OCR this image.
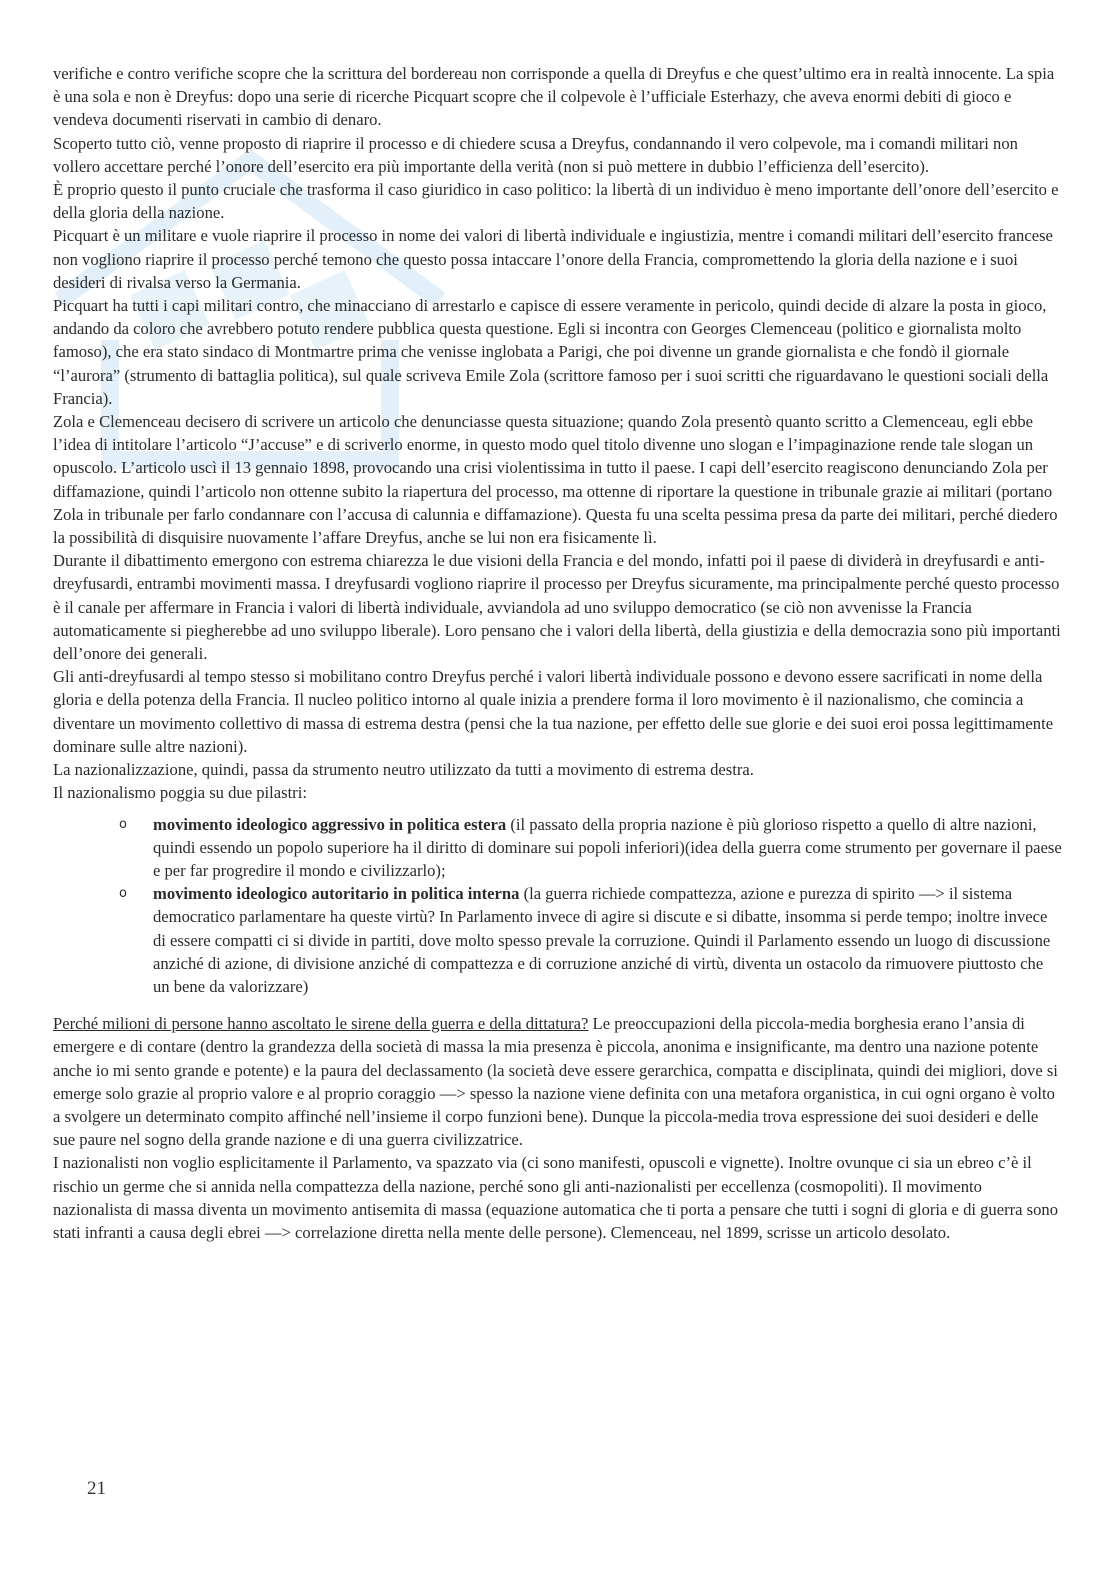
verifiche e contro verifiche scopre che la scrittura del bordereau non corrisponde a quella di Dreyfus e che quest’ultimo era in realtà innocente. La spia è una sola e non è Dreyfus: dopo una serie di ricerche Picquart scopre che il colpevole è l’ufficiale Esterhazy, che aveva enormi debiti di gioco e vendeva documenti riservati in cambio di denaro.

Scoperto tutto ciò, venne proposto di riaprire il processo e di chiedere scusa a Dreyfus, condannando il vero colpevole, ma i comandi militari non vollero accettare perché l’onore dell’esercito era più importante della verità (non si può mettere in dubbio l’efficienza dell’esercito).

È proprio questo il punto cruciale che trasforma il caso giuridico in caso politico: la libertà di un individuo è meno importante dell’onore dell’esercito e della gloria della nazione.

Picquart è un militare e vuole riaprire il processo in nome dei valori di libertà individuale e ingiustizia, mentre i comandi militari dell’esercito francese non vogliono riaprire il processo perché temono che questo possa intaccare l’onore della Francia, compromettendo la gloria della nazione e i suoi desideri di rivalsa verso la Germania.

Picquart ha tutti i capi militari contro, che minacciano di arrestarlo e capisce di essere veramente in pericolo, quindi decide di alzare la posta in gioco, andando da coloro che avrebbero potuto rendere pubblica questa questione. Egli si incontra con Georges Clemenceau (politico e giornalista molto famoso), che era stato sindaco di Montmartre prima che venisse inglobata a Parigi, che poi divenne un grande giornalista e che fondò il giornale “l’aurora” (strumento di battaglia politica), sul quale scriveva Emile Zola (scrittore famoso per i suoi scritti che riguardavano le questioni sociali della Francia).

Zola e Clemenceau decisero di scrivere un articolo che denunciasse questa situazione; quando Zola presentò quanto scritto a Clemenceau, egli ebbe l’idea di intitolare l’articolo “J’accuse” e di scriverlo enorme, in questo modo quel titolo divenne uno slogan e l’impaginazione rende tale slogan un opuscolo. L’articolo uscì il 13 gennaio 1898, provocando una crisi violentissima in tutto il paese. I capi dell’esercito reagiscono denunciando Zola per diffamazione, quindi l’articolo non ottenne subito la riapertura del processo, ma ottenne di riportare la questione in tribunale grazie ai militari (portano Zola in tribunale per farlo condannare con l’accusa di calunnia e diffamazione). Questa fu una scelta pessima presa da parte dei militari, perché diedero la possibilità di disquisire nuovamente l’affare Dreyfus, anche se lui non era fisicamente lì.

Durante il dibattimento emergono con estrema chiarezza le due visioni della Francia e del mondo, infatti poi il paese di dividerà in dreyfusardi e anti-dreyfusardi, entrambi movimenti massa. I dreyfusardi vogliono riaprire il processo per Dreyfus sicuramente, ma principalmente perché questo processo è il canale per affermare in Francia i valori di libertà individuale, avviandola ad uno sviluppo democratico (se ciò non avvenisse la Francia automaticamente si piegherebbe ad uno sviluppo liberale). Loro pensano che i valori della libertà, della giustizia e della democrazia sono più importanti dell’onore dei generali.

Gli anti-dreyfusardi al tempo stesso si mobilitano contro Dreyfus perché i valori libertà individuale possono e devono essere sacrificati in nome della gloria e della potenza della Francia. Il nucleo politico intorno al quale inizia a prendere forma il loro movimento è il nazionalismo, che comincia a diventare un movimento collettivo di massa di estrema destra (pensi che la tua nazione, per effetto delle sue glorie e dei suoi eroi possa legittimamente dominare sulle altre nazioni).

La nazionalizzazione, quindi, passa da strumento neutro utilizzato da tutti a movimento di estrema destra.

Il nazionalismo poggia su due pilastri:

o movimento ideologico aggressivo in politica estera (il passato della propria nazione è più glorioso rispetto a quello di altre nazioni, quindi essendo un popolo superiore ha il diritto di dominare sui popoli inferiori)(idea della guerra come strumento per governare il paese e per far progredire il mondo e civilizzarlo);
o movimento ideologico autoritario in politica interna (la guerra richiede compattezza, azione e purezza di spirito —> il sistema democratico parlamentare ha queste virtù? In Parlamento invece di agire si discute e si dibatte, insomma si perde tempo; inoltre invece di essere compatti ci si divide in partiti, dove molto spesso prevale la corruzione. Quindi il Parlamento essendo un luogo di discussione anziché di azione, di divisione anziché di compattezza e di corruzione anziché di virtù, diventa un ostacolo da rimuovere piuttosto che un bene da valorizzare)

Perché milioni di persone hanno ascoltato le sirene della guerra e della dittatura? Le preoccupazioni della piccola-media borghesia erano l’ansia di emergere e di contare (dentro la grandezza della società di massa la mia presenza è piccola, anonima e insignificante, ma dentro una nazione potente anche io mi sento grande e potente) e la paura del declassamento (la società deve essere gerarchica, compatta e disciplinata, quindi dei migliori, dove si emerge solo grazie al proprio valore e al proprio coraggio —> spesso la nazione viene definita con una metafora organistica, in cui ogni organo è volto a svolgere un determinato compito affinché nell’insieme il corpo funzioni bene). Dunque la piccola-media trova espressione dei suoi desideri e delle sue paure nel sogno della grande nazione e di una guerra civilizzatrice.

I nazionalisti non voglio esplicitamente il Parlamento, va spazzato via (ci sono manifesti, opuscoli e vignette). Inoltre ovunque ci sia un ebreo c’è il rischio un germe che si annida nella compattezza della nazione, perché sono gli anti-nazionalisti per eccellenza (cosmopoliti). Il movimento nazionalista di massa diventa un movimento antisemita di massa (equazione automatica che ti porta a pensare che tutti i sogni di gloria e di guerra sono stati infranti a causa degli ebrei —> correlazione diretta nella mente delle persone). Clemenceau, nel 1899, scrisse un articolo desolato.

21
